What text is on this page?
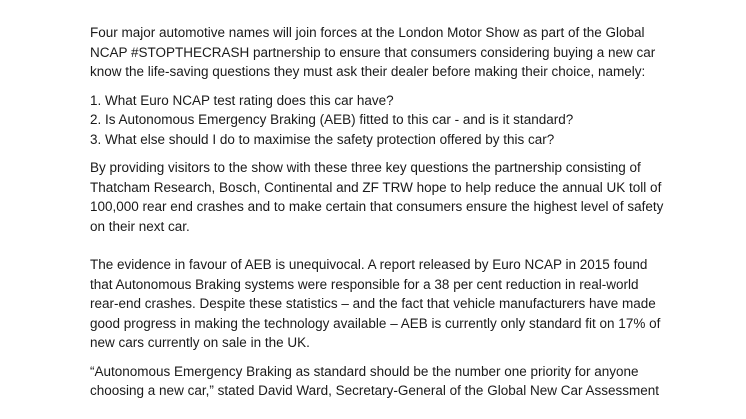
Four major automotive names will join forces at the London Motor Show as part of the Global NCAP #STOPTHECRASH partnership to ensure that consumers considering buying a new car know the life-saving questions they must ask their dealer before making their choice, namely:

1. What Euro NCAP test rating does this car have?
2. Is Autonomous Emergency Braking (AEB) fitted to this car - and is it standard?
3. What else should I do to maximise the safety protection offered by this car?

By providing visitors to the show with these three key questions the partnership consisting of Thatcham Research, Bosch, Continental and ZF TRW hope to help reduce the annual UK toll of 100,000 rear end crashes and to make certain that consumers ensure the highest level of safety on their next car.

The evidence in favour of AEB is unequivocal. A report released by Euro NCAP in 2015 found that Autonomous Braking systems were responsible for a 38 per cent reduction in real-world rear-end crashes. Despite these statistics – and the fact that vehicle manufacturers have made good progress in making the technology available – AEB is currently only standard fit on 17% of new cars currently on sale in the UK.

“Autonomous Emergency Braking as standard should be the number one priority for anyone choosing a new car,” stated David Ward, Secretary-General of the Global New Car Assessment
